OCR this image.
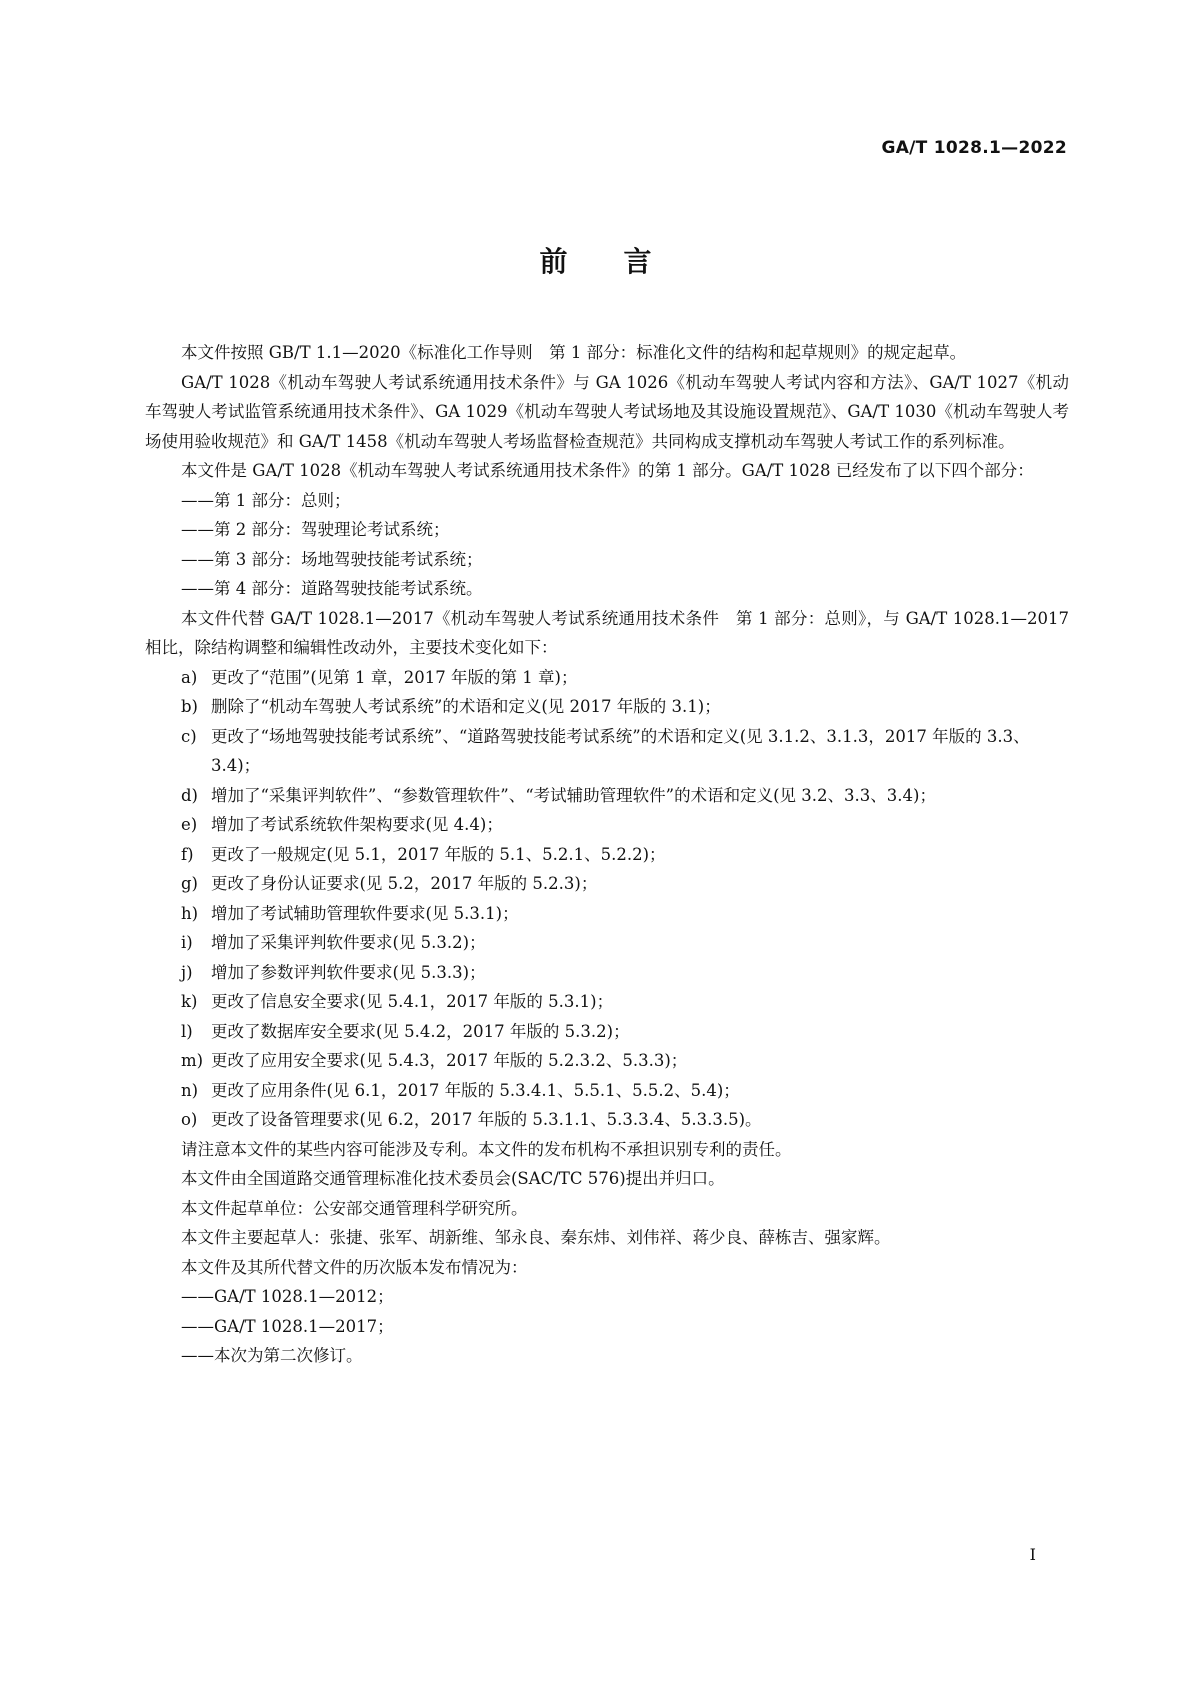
GA/T 1028.1—2022
前言

本文件按照 GB/T 1.1—2020《标准化工作导则　第 1 部分：标准化文件的结构和起草规则》的规定起草。

GA/T 1028《机动车驾驶人考试系统通用技术条件》与 GA 1026《机动车驾驶人考试内容和方法》、GA/T 1027《机动车驾驶人考试监管系统通用技术条件》、GA 1029《机动车驾驶人考试场地及其设施设置规范》、GA/T 1030《机动车驾驶人考场使用验收规范》和 GA/T 1458《机动车驾驶人考场监督检查规范》共同构成支撑机动车驾驶人考试工作的系列标准。

本文件是 GA/T 1028《机动车驾驶人考试系统通用技术条件》的第 1 部分。GA/T 1028 已经发布了以下四个部分：

——第 1 部分：总则；

——第 2 部分：驾驶理论考试系统；

——第 3 部分：场地驾驶技能考试系统；

——第 4 部分：道路驾驶技能考试系统。

本文件代替 GA/T 1028.1—2017《机动车驾驶人考试系统通用技术条件　第 1 部分：总则》，与 GA/T 1028.1—2017 相比，除结构调整和编辑性改动外，主要技术变化如下：

a) 更改了“范围”(见第 1 章，2017 年版的第 1 章)；

b) 删除了“机动车驾驶人考试系统”的术语和定义(见 2017 年版的 3.1)；

c) 更改了“场地驾驶技能考试系统”、“道路驾驶技能考试系统”的术语和定义(见 3.1.2、3.1.3，2017 年版的 3.3、3.4)；

d) 增加了“采集评判软件”、“参数管理软件”、“考试辅助管理软件”的术语和定义(见 3.2、3.3、3.4)；

e) 增加了考试系统软件架构要求(见 4.4)；

f) 更改了一般规定(见 5.1，2017 年版的 5.1、5.2.1、5.2.2)；

g) 更改了身份认证要求(见 5.2，2017 年版的 5.2.3)；

h) 增加了考试辅助管理软件要求(见 5.3.1)；

i) 增加了采集评判软件要求(见 5.3.2)；

j) 增加了参数评判软件要求(见 5.3.3)；

k) 更改了信息安全要求(见 5.4.1，2017 年版的 5.3.1)；

l) 更改了数据库安全要求(见 5.4.2，2017 年版的 5.3.2)；

m) 更改了应用安全要求(见 5.4.3，2017 年版的 5.2.3.2、5.3.3)；

n) 更改了应用条件(见 6.1，2017 年版的 5.3.4.1、5.5.1、5.5.2、5.4)；

o) 更改了设备管理要求(见 6.2，2017 年版的 5.3.1.1、5.3.3.4、5.3.3.5)。

请注意本文件的某些内容可能涉及专利。本文件的发布机构不承担识别专利的责任。

本文件由全国道路交通管理标准化技术委员会(SAC/TC 576)提出并归口。

本文件起草单位：公安部交通管理科学研究所。

本文件主要起草人：张捷、张军、胡新维、邹永良、秦东炜、刘伟祥、蒋少良、薛栋吉、强家辉。

本文件及其所代替文件的历次版本发布情况为：

——GA/T 1028.1—2012；

——GA/T 1028.1—2017；

——本次为第二次修订。

I
